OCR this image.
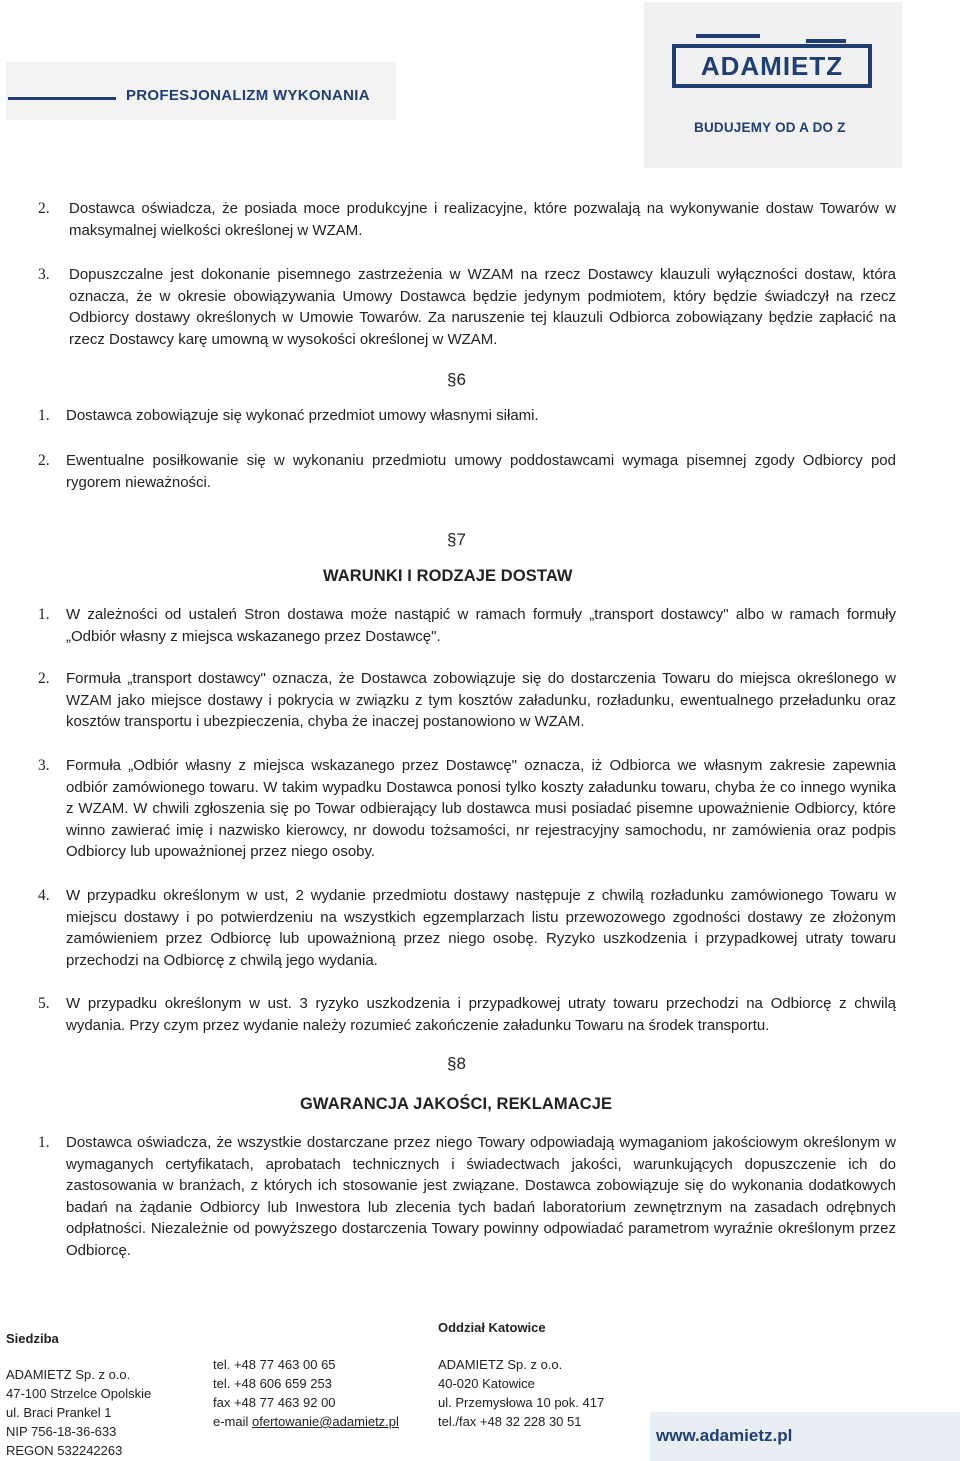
PROFESJONALIZM WYKONANIA
ADAMIETZ
BUDUJEMY OD A DO Z
2. Dostawca oświadcza, że posiada moce produkcyjne i realizacyjne, które pozwalają na wykonywanie dostaw Towarów w maksymalnej wielkości określonej w WZAM.
3. Dopuszczalne jest dokonanie pisemnego zastrzeżenia w WZAM na rzecz Dostawcy klauzuli wyłączności dostaw, która oznacza, że w okresie obowiązywania Umowy Dostawca będzie jedynym podmiotem, który będzie świadczył na rzecz Odbiorcy dostawy określonych w Umowie Towarów. Za naruszenie tej klauzuli Odbiorca zobowiązany będzie zapłacić na rzecz Dostawcy karę umowną w wysokości określonej w WZAM.
§6
1. Dostawca zobowiązuje się wykonać przedmiot umowy własnymi siłami.
2. Ewentualne posiłkowanie się w wykonaniu przedmiotu umowy poddostawcami wymaga pisemnej zgody Odbiorcy pod rygorem nieważności.
§7
WARUNKI I RODZAJE DOSTAW
1. W zależności od ustaleń Stron dostawa może nastąpić w ramach formuły „transport dostawcy" albo w ramach formuły „Odbiór własny z miejsca wskazanego przez Dostawcę".
2. Formuła „transport dostawcy" oznacza, że Dostawca zobowiązuje się do dostarczenia Towaru do miejsca określonego w WZAM jako miejsce dostawy i pokrycia w związku z tym kosztów załadunku, rozładunku, ewentualnego przeładunku oraz kosztów transportu i ubezpieczenia, chyba że inaczej postanowiono w WZAM.
3. Formuła „Odbiór własny z miejsca wskazanego przez Dostawcę" oznacza, iż Odbiorca we własnym zakresie zapewnia odbiór zamówionego towaru. W takim wypadku Dostawca ponosi tylko koszty załadunku towaru, chyba że co innego wynika z WZAM. W chwili zgłoszenia się po Towar odbierający lub dostawca musi posiadać pisemne upoważnienie Odbiorcy, które winno zawierać imię i nazwisko kierowcy, nr dowodu tożsamości, nr rejestracyjny samochodu, nr zamówienia oraz podpis Odbiorcy lub upoważnionej przez niego osoby.
4. W przypadku określonym w ust, 2 wydanie przedmiotu dostawy następuje z chwilą rozładunku zamówionego Towaru w miejscu dostawy i po potwierdzeniu na wszystkich egzemplarzach listu przewozowego zgodności dostawy ze złożonym zamówieniem przez Odbiorcę lub upoważnioną przez niego osobę. Ryzyko uszkodzenia i przypadkowej utraty towaru przechodzi na Odbiorcę z chwilą jego wydania.
5. W przypadku określonym w ust. 3 ryzyko uszkodzenia i przypadkowej utraty towaru przechodzi na Odbiorcę z chwilą wydania. Przy czym przez wydanie należy rozumieć zakończenie załadunku Towaru na środek transportu.
§8
GWARANCJA JAKOŚCI, REKLAMACJE
1. Dostawca oświadcza, że wszystkie dostarczane przez niego Towary odpowiadają wymaganiom jakościowym określonym w wymaganych certyfikatach, aprobatach technicznych i świadectwach jakości, warunkujących dopuszczenie ich do zastosowania w branżach, z których ich stosowanie jest związane. Dostawca zobowiązuje się do wykonania dodatkowych badań na żądanie Odbiorcy lub Inwestora lub zlecenia tych badań laboratorium zewnętrznym na zasadach odrębnych odpłatności. Niezależnie od powyższego dostarczenia Towary powinny odpowiadać parametrom wyraźnie określonym przez Odbiorcę.
Siedziba
ADAMIETZ Sp. z o.o.
47-100 Strzelce Opolskie
ul. Braci Prankel 1
NIP 756-18-36-633
REGON 532242263
tel. +48 77 463 00 65
tel. +48 606 659 253
fax +48 77 463 92 00
e-mail ofertowanie@adamietz.pl
Oddział Katowice
ADAMIETZ Sp. z o.o.
40-020 Katowice
ul. Przemysłowa 10 pok. 417
tel./fax +48 32 228 30 51
www.adamietz.pl
